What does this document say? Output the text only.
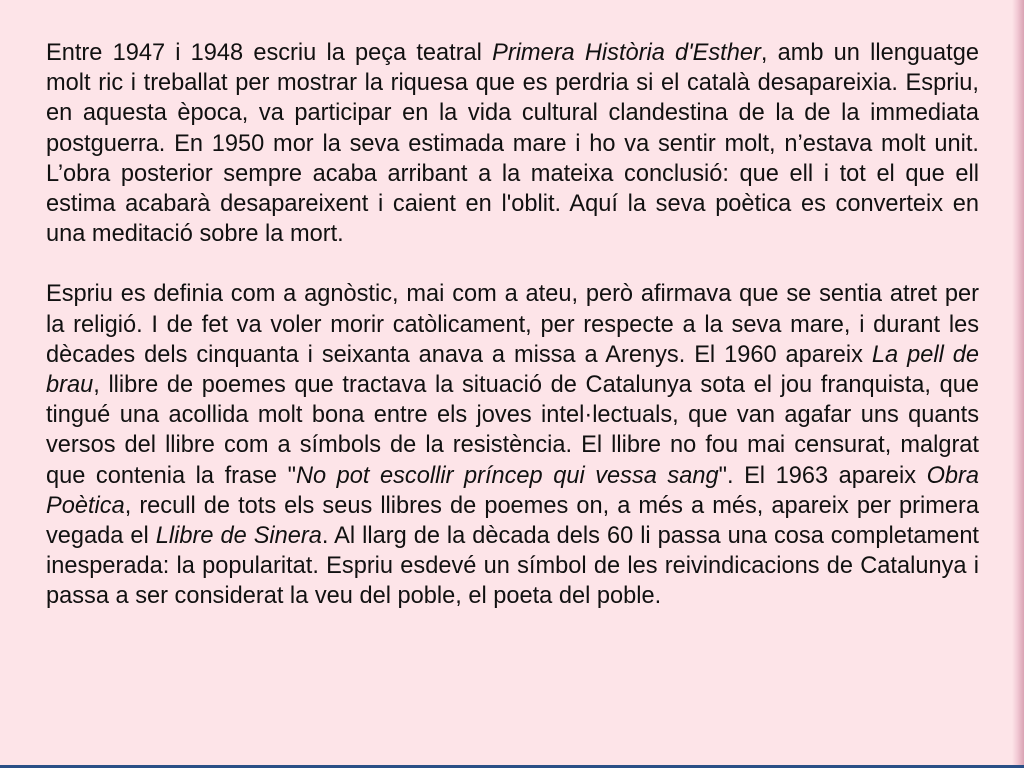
Entre 1947 i 1948 escriu la peça teatral Primera Història d'Esther, amb un llenguatge molt ric i treballat per mostrar la riquesa que es perdria si el català desapareixia. Espriu, en aquesta època, va participar en la vida cultural clandestina de la de la immediata postguerra. En 1950 mor la seva estimada mare i ho va sentir molt, n’estava molt unit. L’obra posterior sempre acaba arribant a la mateixa conclusió: que ell i tot el que ell estima acabarà desapareixent i caient en l'oblit. Aquí la seva poètica es converteix en una meditació sobre la mort.

Espriu es definia com a agnòstic, mai com a ateu, però afirmava que se sentia atret per la religió. I de fet va voler morir catòlicament, per respecte a la seva mare, i durant les dècades dels cinquanta i seixanta anava a missa a Arenys. El 1960 apareix La pell de brau, llibre de poemes que tractava la situació de Catalunya sota el jou franquista, que tingué una acollida molt bona entre els joves intel·lectuals, que van agafar uns quants versos del llibre com a símbols de la resistència. El llibre no fou mai censurat, malgrat que contenia la frase "No pot escollir príncep qui vessa sang". El 1963 apareix Obra Poètica, recull de tots els seus llibres de poemes on, a més a més, apareix per primera vegada el Llibre de Sinera. Al llarg de la dècada dels 60 li passa una cosa completament inesperada: la popularitat. Espriu esdevé un símbol de les reivindicacions de Catalunya i passa a ser considerat la veu del poble, el poeta del poble.
